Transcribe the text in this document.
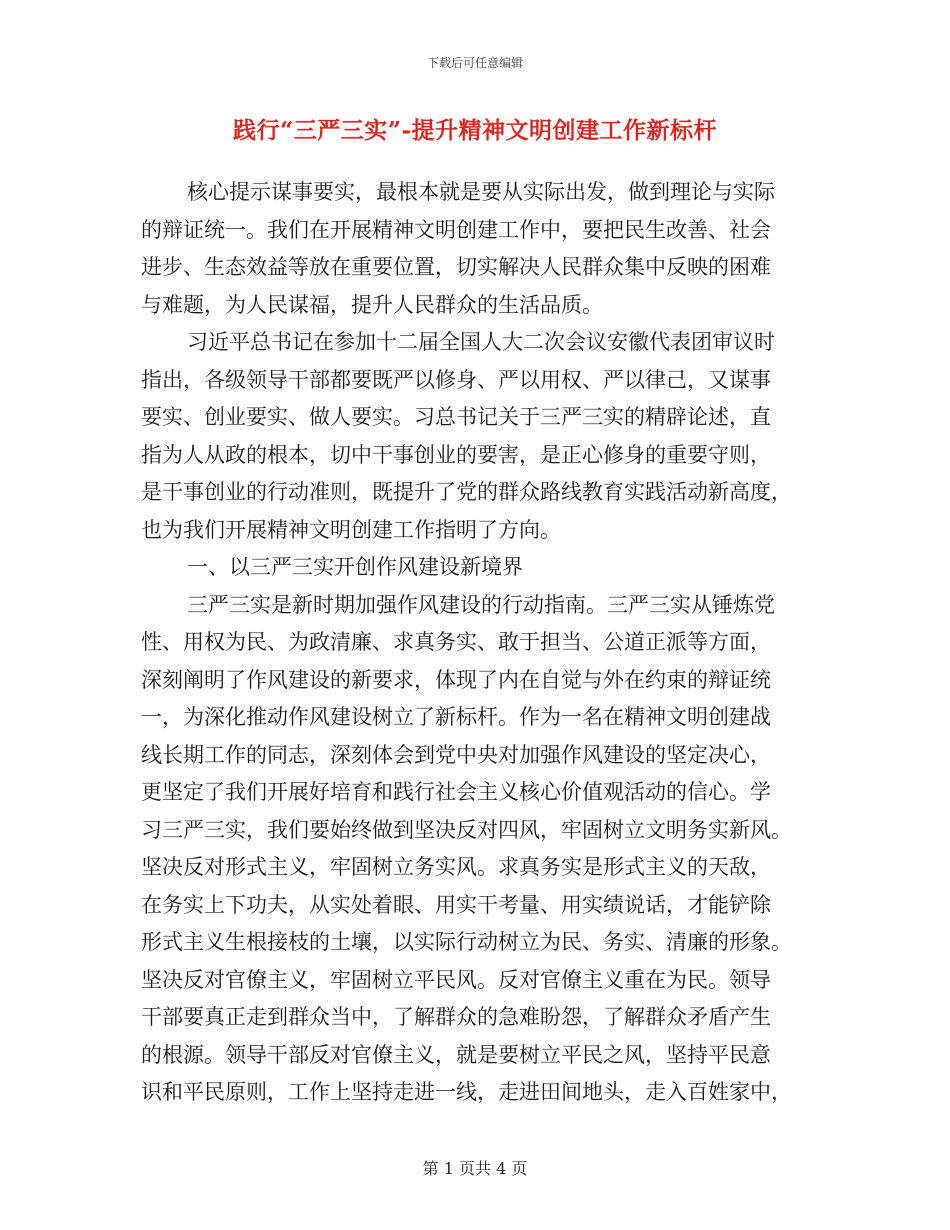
下载后可任意编辑
践行“三严三实”-提升精神文明创建工作新标杆
核心提示谋事要实，最根本就是要从实际出发，做到理论与实际
的辩证统一。我们在开展精神文明创建工作中，要把民生改善、社会
进步、生态效益等放在重要位置，切实解决人民群众集中反映的困难
与难题，为人民谋福，提升人民群众的生活品质。
习近平总书记在参加十二届全国人大二次会议安徽代表团审议时
指出，各级领导干部都要既严以修身、严以用权、严以律己，又谋事
要实、创业要实、做人要实。习总书记关于三严三实的精辟论述，直
指为人从政的根本，切中干事创业的要害，是正心修身的重要守则，
是干事创业的行动准则，既提升了党的群众路线教育实践活动新高度，
也为我们开展精神文明创建工作指明了方向。
一、以三严三实开创作风建设新境界
三严三实是新时期加强作风建设的行动指南。三严三实从锤炼党
性、用权为民、为政清廉、求真务实、敢于担当、公道正派等方面，
深刻阐明了作风建设的新要求，体现了内在自觉与外在约束的辩证统
一，为深化推动作风建设树立了新标杆。作为一名在精神文明创建战
线长期工作的同志，深刻体会到党中央对加强作风建设的坚定决心，
更坚定了我们开展好培育和践行社会主义核心价值观活动的信心。学
习三严三实，我们要始终做到坚决反对四风，牢固树立文明务实新风。
坚决反对形式主义，牢固树立务实风。求真务实是形式主义的天敌，
在务实上下功夫，从实处着眼、用实干考量、用实绩说话，才能铲除
形式主义生根接枝的土壤，以实际行动树立为民、务实、清廉的形象。
坚决反对官僚主义，牢固树立平民风。反对官僚主义重在为民。领导
干部要真正走到群众当中，了解群众的急难盼怨，了解群众矛盾产生
的根源。领导干部反对官僚主义，就是要树立平民之风，坚持平民意
识和平民原则，工作上坚持走进一线，走进田间地头，走入百姓家中，
第 1 页共 4 页
